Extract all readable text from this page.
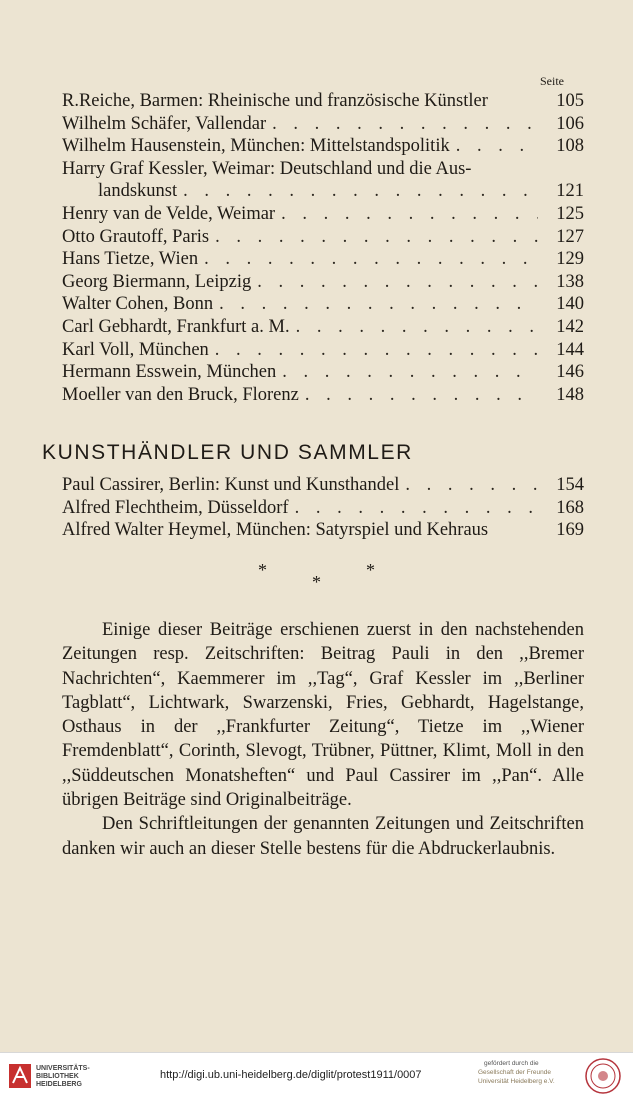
Seite
R.Reiche, Barmen: Rheinische und französische Künstler	105
Wilhelm Schäfer, Vallendar . . .	106
Wilhelm Hausenstein, München: Mittelstandspolitik . . .	108
Harry Graf Kessler, Weimar: Deutschland und die Aus-
landskunst . . .	121
Henry van de Velde, Weimar . . .	125
Otto Grautoff, Paris . . .	127
Hans Tietze, Wien . . .	129
Georg Biermann, Leipzig . . .	138
Walter Cohen, Bonn . . .	140
Carl Gebhardt, Frankfurt a. M. . . .	142
Karl Voll, München . . .	144
Hermann Esswein, München . . .	146
Moeller van den Bruck, Florenz . . .	148
KUNSTHÄNDLER UND SAMMLER
Paul Cassirer, Berlin: Kunst und Kunsthandel . . .	154
Alfred Flechtheim, Düsseldorf . . .	168
Alfred Walter Heymel, München: Satyrspiel und Kehraus	169
*
*
*

Einige dieser Beiträge erschienen zuerst in den nachstehenden Zeitungen resp. Zeitschriften: Beitrag Pauli in den ,,Bremer Nachrichten“, Kaemmerer im ,,Tag“, Graf Kessler im ,,Berliner Tagblatt“, Lichtwark, Swarzenski, Fries, Gebhardt, Hagelstange, Osthaus in der ,,Frankfurter Zeitung“, Tietze im ,,Wiener Fremdenblatt“, Corinth, Slevogt, Trübner, Püttner, Klimt, Moll in den ,,Süddeutschen Monatsheften“ und Paul Cassirer im ,,Pan“. Alle übrigen Beiträge sind Originalbeiträge.

Den Schriftleitungen der genannten Zeitungen und Zeitschriften danken wir auch an dieser Stelle bestens für die Abdruckerlaubnis.

UNIVERSITÄTS-
BIBLIOTHEK
HEIDELBERG
http://digi.ub.uni-heidelberg.de/diglit/protest1911/0007
gefördert durch die
Gesellschaft der Freunde
Universität Heidelberg e.V.
